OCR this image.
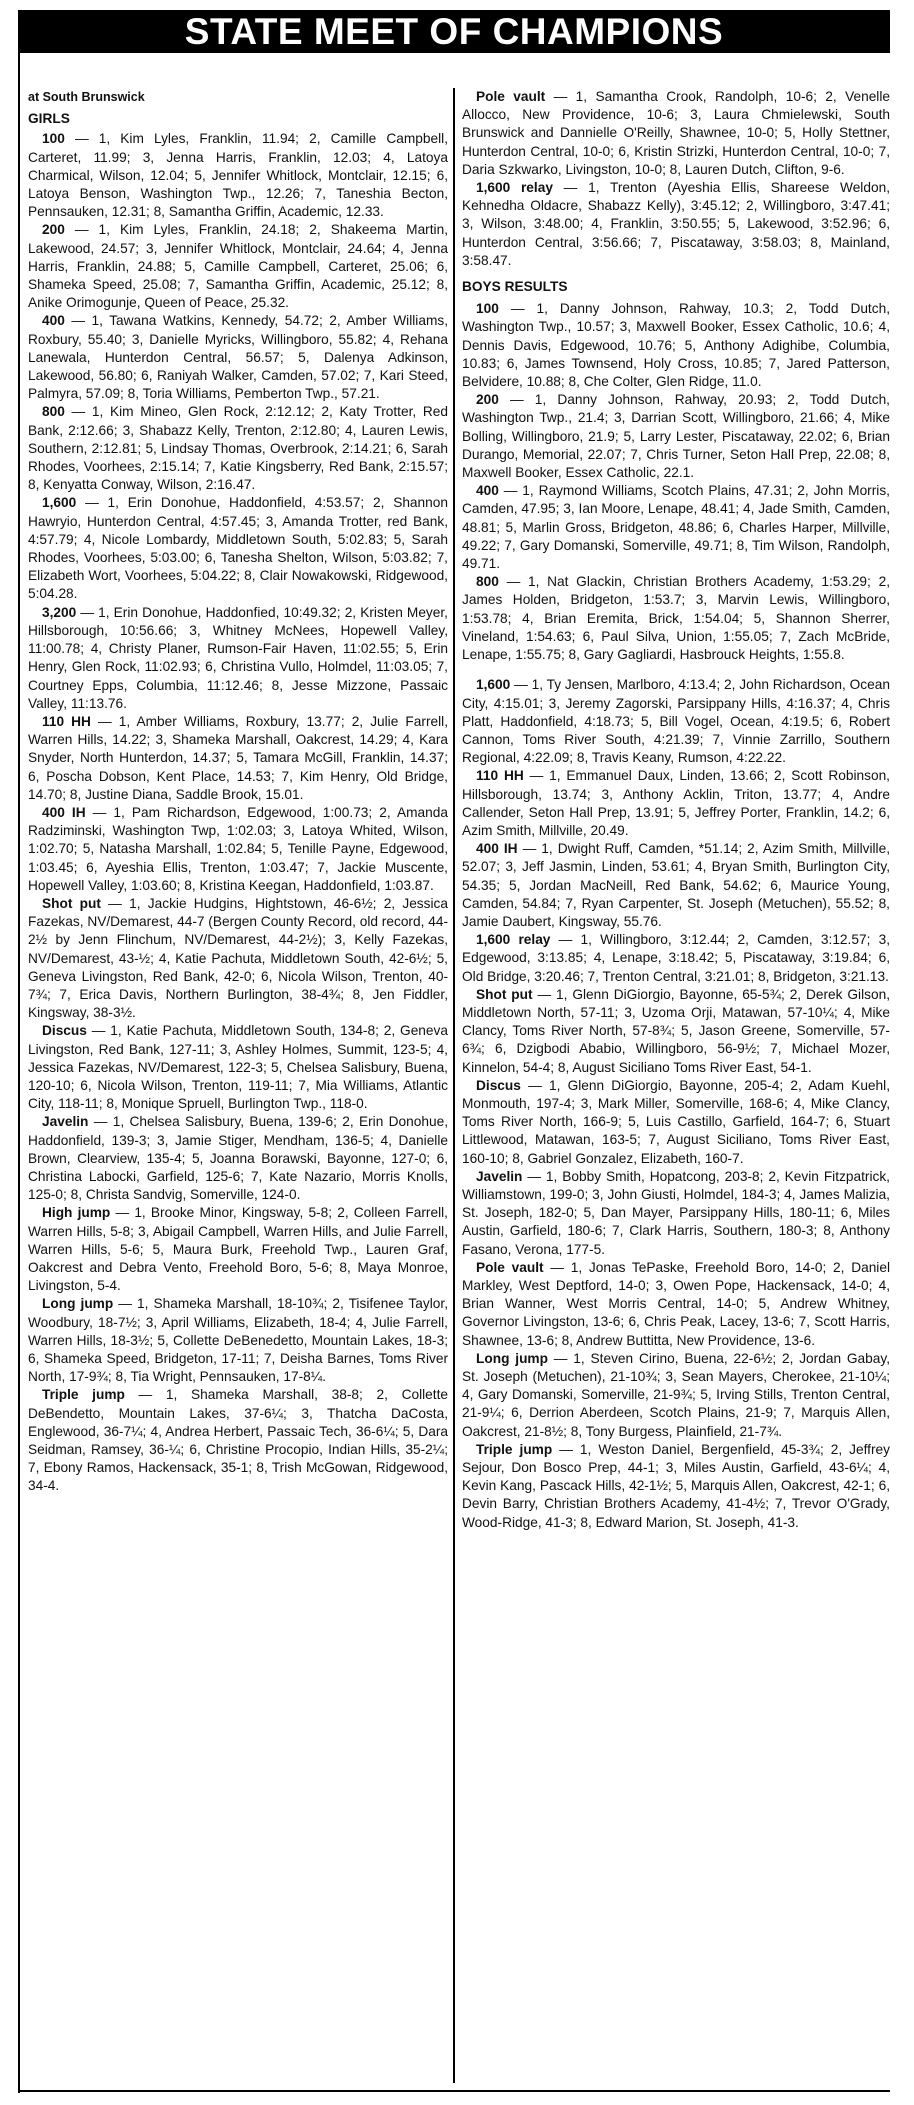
STATE MEET OF CHAMPIONS

at South Brunswick

GIRLS

100 — 1, Kim Lyles, Franklin, 11.94; 2, Camille Campbell, Carteret, 11.99; 3, Jenna Harris, Franklin, 12.03; 4, Latoya Charmical, Wilson, 12.04; 5, Jennifer Whitlock, Montclair, 12.15; 6, Latoya Benson, Washington Twp., 12.26; 7, Taneshia Becton, Pennsauken, 12.31; 8, Samantha Griffin, Academic, 12.33.

200 — 1, Kim Lyles, Franklin, 24.18; 2, Shakeema Martin, Lakewood, 24.57; 3, Jennifer Whitlock, Montclair, 24.64; 4, Jenna Harris, Franklin, 24.88; 5, Camille Campbell, Carteret, 25.06; 6, Shameka Speed, 25.08; 7, Samantha Griffin, Academic, 25.12; 8, Anike Orimogunje, Queen of Peace, 25.32.

400 — 1, Tawana Watkins, Kennedy, 54.72; 2, Amber Williams, Roxbury, 55.40; 3, Danielle Myricks, Willingboro, 55.82; 4, Rehana Lanewala, Hunterdon Central, 56.57; 5, Dalenya Adkinson, Lakewood, 56.80; 6, Raniyah Walker, Camden, 57.02; 7, Kari Steed, Palmyra, 57.09; 8, Toria Williams, Pemberton Twp., 57.21.

800 — 1, Kim Mineo, Glen Rock, 2:12.12; 2, Katy Trotter, Red Bank, 2:12.66; 3, Shabazz Kelly, Trenton, 2:12.80; 4, Lauren Lewis, Southern, 2:12.81; 5, Lindsay Thomas, Overbrook, 2:14.21; 6, Sarah Rhodes, Voorhees, 2:15.14; 7, Katie Kingsberry, Red Bank, 2:15.57; 8, Kenyatta Conway, Wilson, 2:16.47.

1,600 — 1, Erin Donohue, Haddonfield, 4:53.57; 2, Shannon Hawryio, Hunterdon Central, 4:57.45; 3, Amanda Trotter, red Bank, 4:57.79; 4, Nicole Lombardy, Middletown South, 5:02.83; 5, Sarah Rhodes, Voorhees, 5:03.00; 6, Tanesha Shelton, Wilson, 5:03.82; 7, Elizabeth Wort, Voorhees, 5:04.22; 8, Clair Nowakowski, Ridgewood, 5:04.28.

3,200 — 1, Erin Donohue, Haddonfied, 10:49.32; 2, Kristen Meyer, Hillsborough, 10:56.66; 3, Whitney McNees, Hopewell Valley, 11:00.78; 4, Christy Planer, Rumson-Fair Haven, 11:02.55; 5, Erin Henry, Glen Rock, 11:02.93; 6, Christina Vullo, Holmdel, 11:03.05; 7, Courtney Epps, Columbia, 11:12.46; 8, Jesse Mizzone, Passaic Valley, 11:13.76.

110 HH — 1, Amber Williams, Roxbury, 13.77; 2, Julie Farrell, Warren Hills, 14.22; 3, Shameka Marshall, Oakcrest, 14.29; 4, Kara Snyder, North Hunterdon, 14.37; 5, Tamara McGill, Franklin, 14.37; 6, Poscha Dobson, Kent Place, 14.53; 7, Kim Henry, Old Bridge, 14.70; 8, Justine Diana, Saddle Brook, 15.01.

400 IH — 1, Pam Richardson, Edgewood, 1:00.73; 2, Amanda Radziminski, Washington Twp, 1:02.03; 3, Latoya Whited, Wilson, 1:02.70; 5, Natasha Marshall, 1:02.84; 5, Tenille Payne, Edgewood, 1:03.45; 6, Ayeshia Ellis, Trenton, 1:03.47; 7, Jackie Muscente, Hopewell Valley, 1:03.60; 8, Kristina Keegan, Haddonfield, 1:03.87.

Shot put — 1, Jackie Hudgins, Hightstown, 46-6½; 2, Jessica Fazekas, NV/Demarest, 44-7 (Bergen County Record, old record, 44-2½ by Jenn Flinchum, NV/Demarest, 44-2½); 3, Kelly Fazekas, NV/Demarest, 43-½; 4, Katie Pachuta, Middletown South, 42-6½; 5, Geneva Livingston, Red Bank, 42-0; 6, Nicola Wilson, Trenton, 40-7¾; 7, Erica Davis, Northern Burlington, 38-4¾; 8, Jen Fiddler, Kingsway, 38-3½.

Discus — 1, Katie Pachuta, Middletown South, 134-8; 2, Geneva Livingston, Red Bank, 127-11; 3, Ashley Holmes, Summit, 123-5; 4, Jessica Fazekas, NV/Demarest, 122-3; 5, Chelsea Salisbury, Buena, 120-10; 6, Nicola Wilson, Trenton, 119-11; 7, Mia Williams, Atlantic City, 118-11; 8, Monique Spruell, Burlington Twp., 118-0.

Javelin — 1, Chelsea Salisbury, Buena, 139-6; 2, Erin Donohue, Haddonfield, 139-3; 3, Jamie Stiger, Mendham, 136-5; 4, Danielle Brown, Clearview, 135-4; 5, Joanna Borawski, Bayonne, 127-0; 6, Christina Labocki, Garfield, 125-6; 7, Kate Nazario, Morris Knolls, 125-0; 8, Christa Sandvig, Somerville, 124-0.

High jump — 1, Brooke Minor, Kingsway, 5-8; 2, Colleen Farrell, Warren Hills, 5-8; 3, Abigail Campbell, Warren Hills, and Julie Farrell, Warren Hills, 5-6; 5, Maura Burk, Freehold Twp., Lauren Graf, Oakcrest and Debra Vento, Freehold Boro, 5-6; 8, Maya Monroe, Livingston, 5-4.

Long jump — 1, Shameka Marshall, 18-10¾; 2, Tisifenee Taylor, Woodbury, 18-7½; 3, April Williams, Elizabeth, 18-4; 4, Julie Farrell, Warren Hills, 18-3½; 5, Collette DeBenedetto, Mountain Lakes, 18-3; 6, Shameka Speed, Bridgeton, 17-11; 7, Deisha Barnes, Toms River North, 17-9¾; 8, Tia Wright, Pennsauken, 17-8¼.

Triple jump — 1, Shameka Marshall, 38-8; 2, Collette DeBendetto, Mountain Lakes, 37-6¼; 3, Thatcha DaCosta, Englewood, 36-7¼; 4, Andrea Herbert, Passaic Tech, 36-6¼; 5, Dara Seidman, Ramsey, 36-¼; 6, Christine Procopio, Indian Hills, 35-2¼; 7, Ebony Ramos, Hackensack, 35-1; 8, Trish McGowan, Ridgewood, 34-4.

Pole vault — 1, Samantha Crook, Randolph, 10-6; 2, Venelle Allocco, New Providence, 10-6; 3, Laura Chmielewski, South Brunswick and Dannielle O'Reilly, Shawnee, 10-0; 5, Holly Stettner, Hunterdon Central, 10-0; 6, Kristin Strizki, Hunterdon Central, 10-0; 7, Daria Szkwarko, Livingston, 10-0; 8, Lauren Dutch, Clifton, 9-6.

1,600 relay — 1, Trenton (Ayeshia Ellis, Shareese Weldon, Kehnedha Oldacre, Shabazz Kelly), 3:45.12; 2, Willingboro, 3:47.41; 3, Wilson, 3:48.00; 4, Franklin, 3:50.55; 5, Lakewood, 3:52.96; 6, Hunterdon Central, 3:56.66; 7, Piscataway, 3:58.03; 8, Mainland, 3:58.47.

BOYS RESULTS

100 — 1, Danny Johnson, Rahway, 10.3; 2, Todd Dutch, Washington Twp., 10.57; 3, Maxwell Booker, Essex Catholic, 10.6; 4, Dennis Davis, Edgewood, 10.76; 5, Anthony Adighibe, Columbia, 10.83; 6, James Townsend, Holy Cross, 10.85; 7, Jared Patterson, Belvidere, 10.88; 8, Che Colter, Glen Ridge, 11.0.

200 — 1, Danny Johnson, Rahway, 20.93; 2, Todd Dutch, Washington Twp., 21.4; 3, Darrian Scott, Willingboro, 21.66; 4, Mike Bolling, Willingboro, 21.9; 5, Larry Lester, Piscataway, 22.02; 6, Brian Durango, Memorial, 22.07; 7, Chris Turner, Seton Hall Prep, 22.08; 8, Maxwell Booker, Essex Catholic, 22.1.

400 — 1, Raymond Williams, Scotch Plains, 47.31; 2, John Morris, Camden, 47.95; 3, Ian Moore, Lenape, 48.41; 4, Jade Smith, Camden, 48.81; 5, Marlin Gross, Bridgeton, 48.86; 6, Charles Harper, Millville, 49.22; 7, Gary Domanski, Somerville, 49.71; 8, Tim Wilson, Randolph, 49.71.

800 — 1, Nat Glackin, Christian Brothers Academy, 1:53.29; 2, James Holden, Bridgeton, 1:53.7; 3, Marvin Lewis, Willingboro, 1:53.78; 4, Brian Eremita, Brick, 1:54.04; 5, Shannon Sherrer, Vineland, 1:54.63; 6, Paul Silva, Union, 1:55.05; 7, Zach McBride, Lenape, 1:55.75; 8, Gary Gagliardi, Hasbrouck Heights, 1:55.8.

1,600 — 1, Ty Jensen, Marlboro, 4:13.4; 2, John Richardson, Ocean City, 4:15.01; 3, Jeremy Zagorski, Parsippany Hills, 4:16.37; 4, Chris Platt, Haddonfield, 4:18.73; 5, Bill Vogel, Ocean, 4:19.5; 6, Robert Cannon, Toms River South, 4:21.39; 7, Vinnie Zarrillo, Southern Regional, 4:22.09; 8, Travis Keany, Rumson, 4:22.22.

110 HH — 1, Emmanuel Daux, Linden, 13.66; 2, Scott Robinson, Hillsborough, 13.74; 3, Anthony Acklin, Triton, 13.77; 4, Andre Callender, Seton Hall Prep, 13.91; 5, Jeffrey Porter, Franklin, 14.2; 6, Azim Smith, Millville, 20.49.

400 IH — 1, Dwight Ruff, Camden, *51.14; 2, Azim Smith, Millville, 52.07; 3, Jeff Jasmin, Linden, 53.61; 4, Bryan Smith, Burlington City, 54.35; 5, Jordan MacNeill, Red Bank, 54.62; 6, Maurice Young, Camden, 54.84; 7, Ryan Carpenter, St. Joseph (Metuchen), 55.52; 8, Jamie Daubert, Kingsway, 55.76.

1,600 relay — 1, Willingboro, 3:12.44; 2, Camden, 3:12.57; 3, Edgewood, 3:13.85; 4, Lenape, 3:18.42; 5, Piscataway, 3:19.84; 6, Old Bridge, 3:20.46; 7, Trenton Central, 3:21.01; 8, Bridgeton, 3:21.13.

Shot put — 1, Glenn DiGiorgio, Bayonne, 65-5¾; 2, Derek Gilson, Middletown North, 57-11; 3, Uzoma Orji, Matawan, 57-10¼; 4, Mike Clancy, Toms River North, 57-8¾; 5, Jason Greene, Somerville, 57-6¾; 6, Dzigbodi Ababio, Willingboro, 56-9½; 7, Michael Mozer, Kinnelon, 54-4; 8, August Siciliano Toms River East, 54-1.

Discus — 1, Glenn DiGiorgio, Bayonne, 205-4; 2, Adam Kuehl, Monmouth, 197-4; 3, Mark Miller, Somerville, 168-6; 4, Mike Clancy, Toms River North, 166-9; 5, Luis Castillo, Garfield, 164-7; 6, Stuart Littlewood, Matawan, 163-5; 7, August Siciliano, Toms River East, 160-10; 8, Gabriel Gonzalez, Elizabeth, 160-7.

Javelin — 1, Bobby Smith, Hopatcong, 203-8; 2, Kevin Fitzpatrick, Williamstown, 199-0; 3, John Giusti, Holmdel, 184-3; 4, James Malizia, St. Joseph, 182-0; 5, Dan Mayer, Parsippany Hills, 180-11; 6, Miles Austin, Garfield, 180-6; 7, Clark Harris, Southern, 180-3; 8, Anthony Fasano, Verona, 177-5.

Pole vault — 1, Jonas TePaske, Freehold Boro, 14-0; 2, Daniel Markley, West Deptford, 14-0; 3, Owen Pope, Hackensack, 14-0; 4, Brian Wanner, West Morris Central, 14-0; 5, Andrew Whitney, Governor Livingston, 13-6; 6, Chris Peak, Lacey, 13-6; 7, Scott Harris, Shawnee, 13-6; 8, Andrew Buttitta, New Providence, 13-6.

Long jump — 1, Steven Cirino, Buena, 22-6½; 2, Jordan Gabay, St. Joseph (Metuchen), 21-10¾; 3, Sean Mayers, Cherokee, 21-10¼; 4, Gary Domanski, Somerville, 21-9¾; 5, Irving Stills, Trenton Central, 21-9¼; 6, Derrion Aberdeen, Scotch Plains, 21-9; 7, Marquis Allen, Oakcrest, 21-8½; 8, Tony Burgess, Plainfield, 21-7¾.

Triple jump — 1, Weston Daniel, Bergenfield, 45-3¾; 2, Jeffrey Sejour, Don Bosco Prep, 44-1; 3, Miles Austin, Garfield, 43-6¼; 4, Kevin Kang, Pascack Hills, 42-1½; 5, Marquis Allen, Oakcrest, 42-1; 6, Devin Barry, Christian Brothers Academy, 41-4½; 7, Trevor O'Grady, Wood-Ridge, 41-3; 8, Edward Marion, St. Joseph, 41-3.
